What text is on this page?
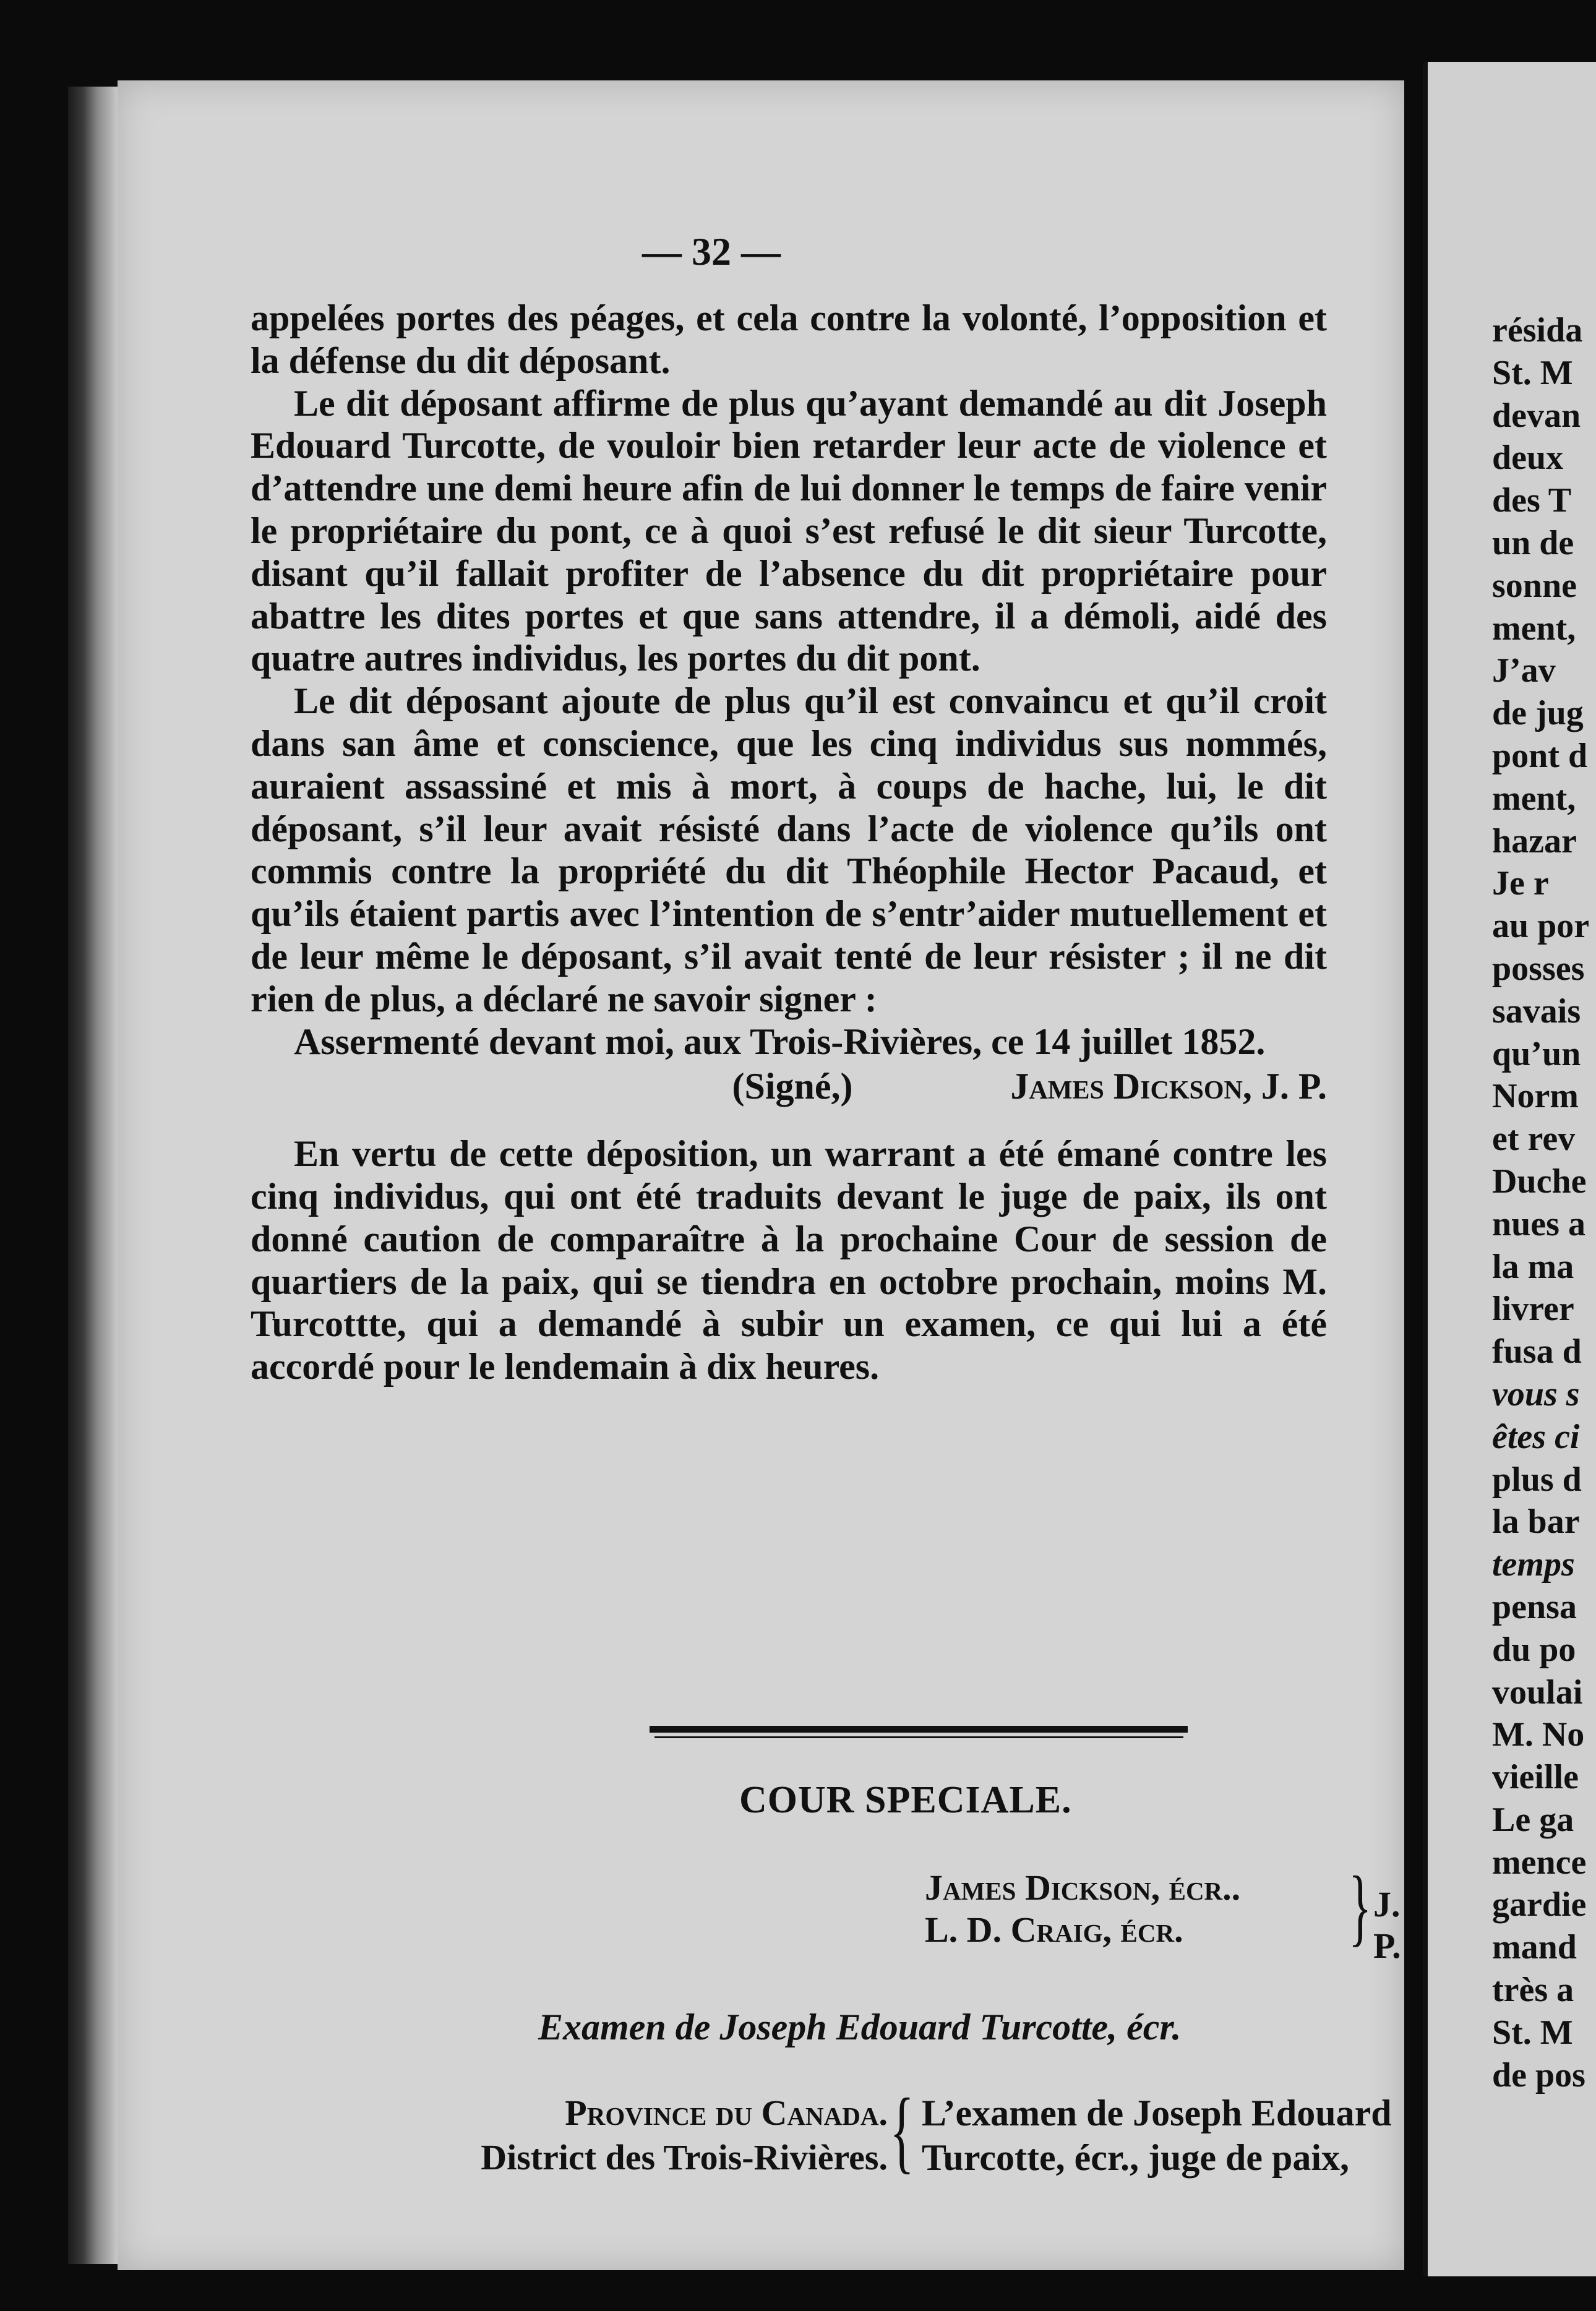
— 32 —

appelées portes des péages, et cela contre la volonté, l’opposition et la défense du dit déposant.

Le dit déposant affirme de plus qu’ayant demandé au dit Joseph Edouard Turcotte, de vouloir bien retarder leur acte de violence et d’attendre une demi heure afin de lui donner le temps de faire venir le propriétaire du pont, ce à quoi s’est refusé le dit sieur Turcotte, disant qu’il fallait profiter de l’absence du dit propriétaire pour abattre les dites portes et que sans attendre, il a démoli, aidé des quatre autres individus, les portes du dit pont.

Le dit déposant ajoute de plus qu’il est convaincu et qu’il croit dans san âme et conscience, que les cinq individus sus nommés, auraient assassiné et mis à mort, à coups de hache, lui, le dit déposant, s’il leur avait résisté dans l’acte de violence qu’ils ont commis contre la propriété du dit Théophile Hector Pacaud, et qu’ils étaient partis avec l’intention de s’entr’aider mutuellement et de leur même le déposant, s’il avait tenté de leur résister ; il ne dit rien de plus, a déclaré ne savoir signer :

Assermenté devant moi, aux Trois-Rivières, ce 14 juillet 1852.

(Signé,)	James Dickson, J. P.

En vertu de cette déposition, un warrant a été émané contre les cinq individus, qui ont été traduits devant le juge de paix, ils ont donné caution de comparaître à la prochaine Cour de session de quartiers de la paix, qui se tiendra en octobre prochain, moins M. Turcottte, qui a demandé à subir un examen, ce qui lui a été accordé pour le lendemain à dix heures.

COUR SPECIALE.
James Dickson, écr..
L. D. Craig, écr.	} J. P.
Examen de Joseph Edouard Turcotte, écr.
Province du Canada.
District des Trois-Rivières. { L’examen de Joseph Edouard
Turcotte, écr., juge de paix,
résida
St. M
devan
deux
des T
un de
sonne
ment,
J’av
de jug
pont d
ment,
hazar
Je r
au por
posses
savais
qu’un
Norm
et rev
Duche
nues a
la ma
livrer
fusa d
vous s
êtes ci
plus d
la bar
temps
pensa
du po
voulai
M. No
vieille
Le ga
mence
gardie
mand
très a
St. M
de pos
